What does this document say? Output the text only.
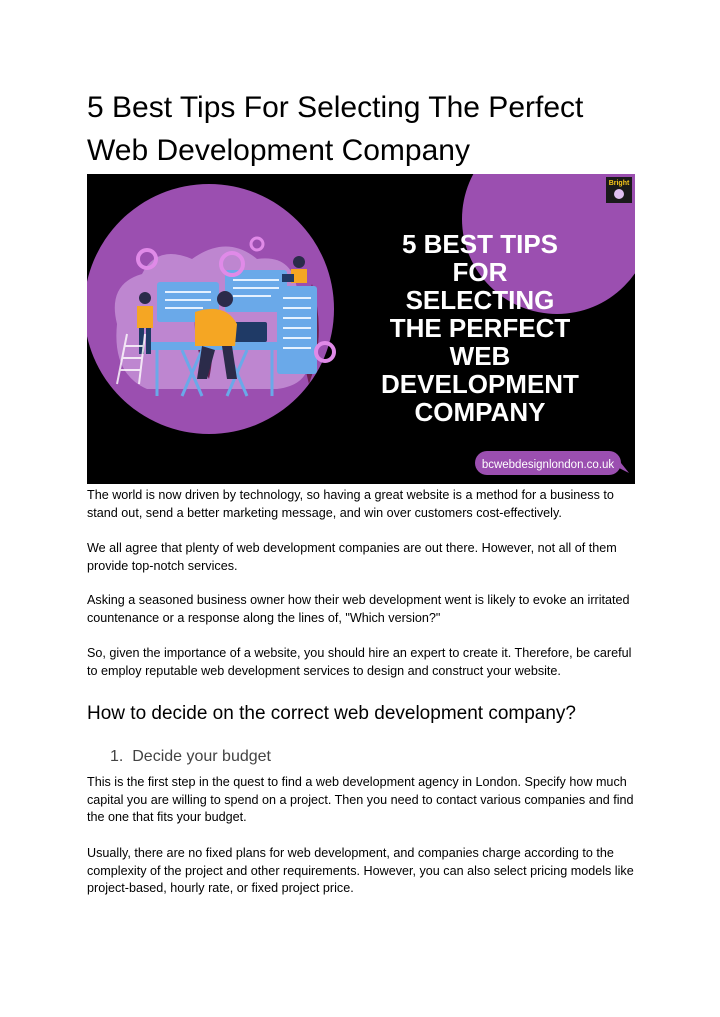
5 Best Tips For Selecting The Perfect Web Development Company
5 BEST TIPS
FOR
SELECTING
THE PERFECT
WEB
DEVELOPMENT
COMPANY
bcwebdesignlondon.co.uk
Bright

The world is now driven by technology, so having a great website is a method for a business to stand out, send a better marketing message, and win over customers cost-effectively.

We all agree that plenty of web development companies are out there. However, not all of them provide top-notch services.

Asking a seasoned business owner how their web development went is likely to evoke an irritated countenance or a response along the lines of, "Which version?"

So, given the importance of a website, you should hire an expert to create it. Therefore, be careful to employ reputable web development services to design and construct your website.

How to decide on the correct web development company?
1. Decide your budget

This is the first step in the quest to find a web development agency in London. Specify how much capital you are willing to spend on a project. Then you need to contact various companies and find the one that fits your budget.

Usually, there are no fixed plans for web development, and companies charge according to the complexity of the project and other requirements. However, you can also select pricing models like project-based, hourly rate, or fixed project price.
